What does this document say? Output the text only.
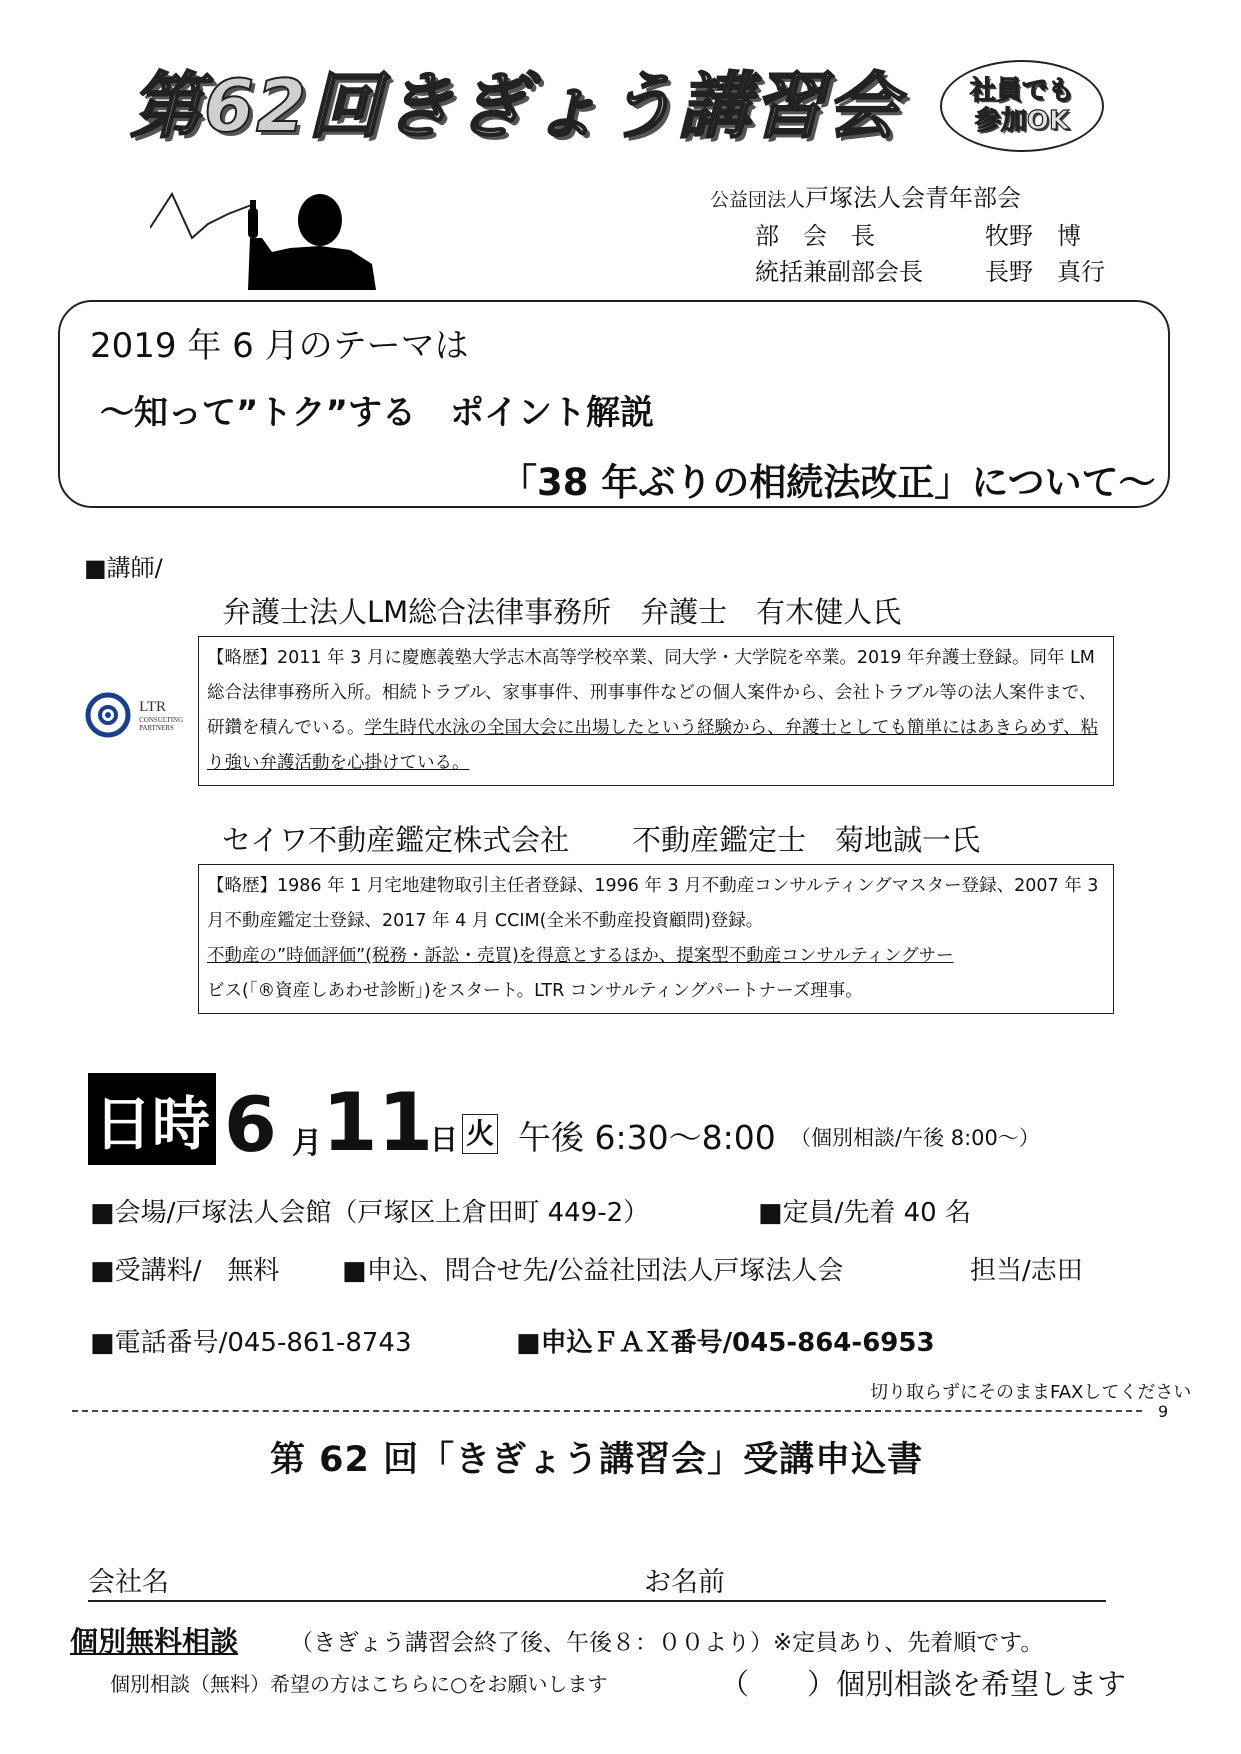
第62回きぎょう講習会	社員でも
参加OK
公益団法人戸塚法人会青年部会
部　会　長	牧野　博
統括兼副部会長	長野　真行
2019 年 6 月のテーマは
～知って”トク”する　ポイント解説
「38 年ぶりの相続法改正」について～
■講師/
弁護士法人LM総合法律事務所　弁護士　有木健人氏

LTR
CONSULTING
PARTNERS
【略歴】2011 年 3 月に慶應義塾大学志木高等学校卒業、同大学・大学院を卒業。2019 年弁護士登録。同年 LM 総合法律事務所入所。相続トラブル、家事事件、刑事事件などの個人案件から、会社トラブル等の法人案件まで、研鑽を積んでいる。学生時代水泳の全国大会に出場したという経験から、弁護士としても簡単にはあきらめず、粘り強い弁護活動を心掛けている。
セイワ不動産鑑定株式会社 不動産鑑定士　菊地誠一氏
【略歴】1986 年 1 月宅地建物取引主任者登録、1996 年 3 月不動産コンサルティングマスター登録、2007 年 3 月不動産鑑定士登録、2017 年 4 月 CCIM(全米不動産投資顧問)登録。
不動産の”時価評価”(税務・訴訟・売買)を得意とするほか、提案型不動産コンサルティングサー
ビス(「®資産しあわせ診断」)をスタート。LTR コンサルティングパートナーズ理事。
日時 6 月 11
日 火 午後 6:30～8:00 （個別相談/午後 8:00～）
■会場/戸塚法人会館（戸塚区上倉田町 449-2）	■定員/先着 40 名
■受講料/　無料 ■申込、問合せ先/公益社団法人戸塚法人会	担当/志田
■電話番号/045-861-8743	■申込ＦＡＸ番号/045-864-6953
切り取らずにそのままFAXしてください
9
第 62 回「きぎょう講習会」受講申込書
会社名	お名前
個別無料相談 （きぎょう講習会終了後、午後８：００より）※定員あり、先着順です。
個別相談（無料）希望の方はこちらに○をお願いします	（　　）個別相談を希望します
